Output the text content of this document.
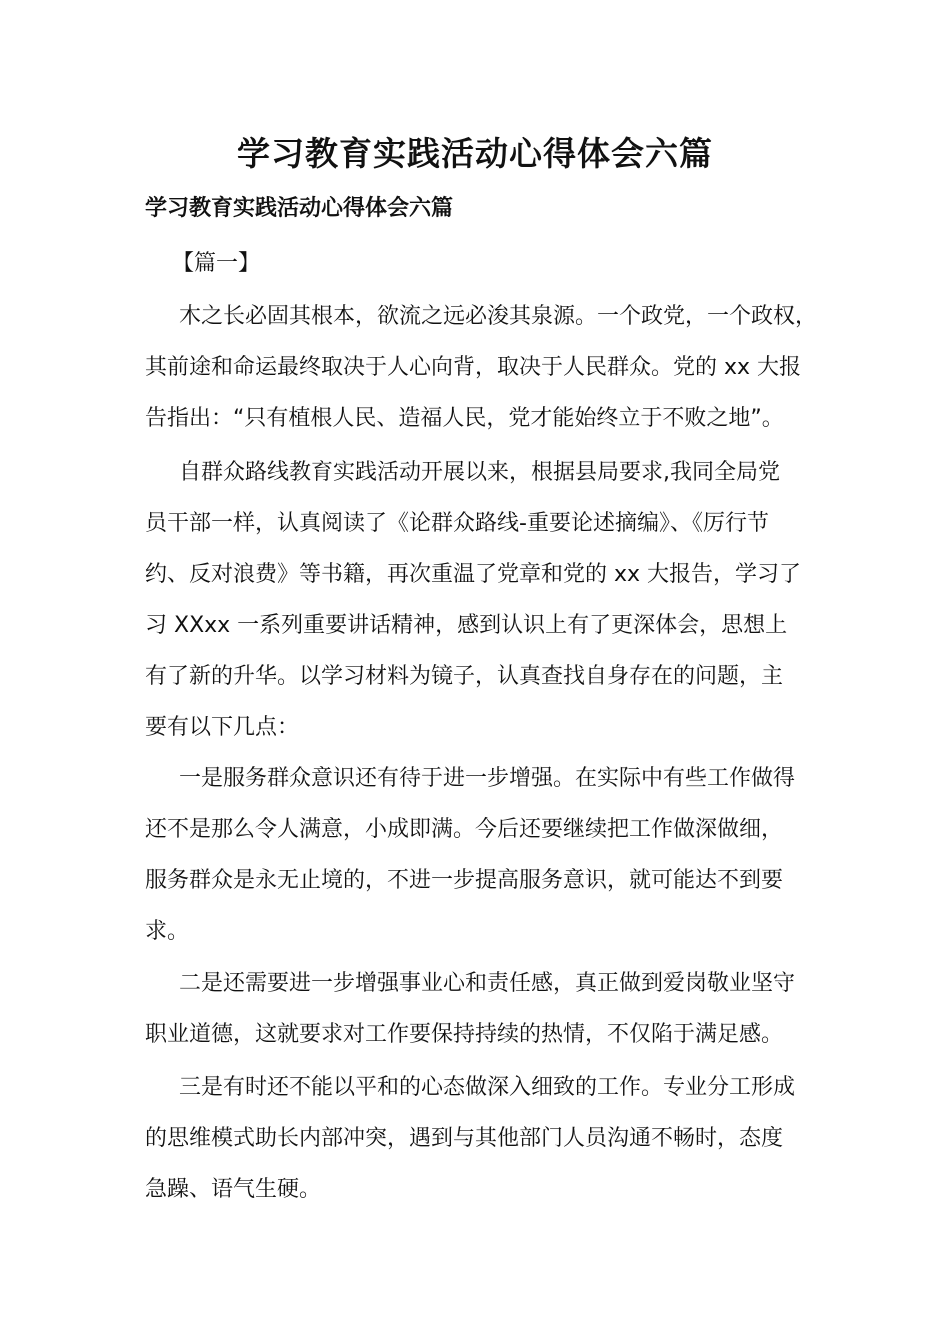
学习教育实践活动心得体会六篇
学习教育实践活动心得体会六篇

【篇一】

木之长必固其根本，欲流之远必浚其泉源。一个政党，一个政权，
其前途和命运最终取决于人心向背，取决于人民群众。党的 xx 大报
告指出：“只有植根人民、造福人民，党才能始终立于不败之地”。

自群众路线教育实践活动开展以来，根据县局要求,我同全局党
员干部一样，认真阅读了《论群众路线-重要论述摘编》、《厉行节
约、反对浪费》等书籍，再次重温了党章和党的 xx 大报告，学习了
习 XXxx 一系列重要讲话精神，感到认识上有了更深体会，思想上
有了新的升华。以学习材料为镜子，认真查找自身存在的问题，主
要有以下几点：

一是服务群众意识还有待于进一步增强。在实际中有些工作做得
还不是那么令人满意，小成即满。今后还要继续把工作做深做细，
服务群众是永无止境的，不进一步提高服务意识，就可能达不到要
求。

二是还需要进一步增强事业心和责任感，真正做到爱岗敬业坚守
职业道德，这就要求对工作要保持持续的热情，不仅陷于满足感。

三是有时还不能以平和的心态做深入细致的工作。专业分工形成
的思维模式助长内部冲突，遇到与其他部门人员沟通不畅时，态度
急躁、语气生硬。
